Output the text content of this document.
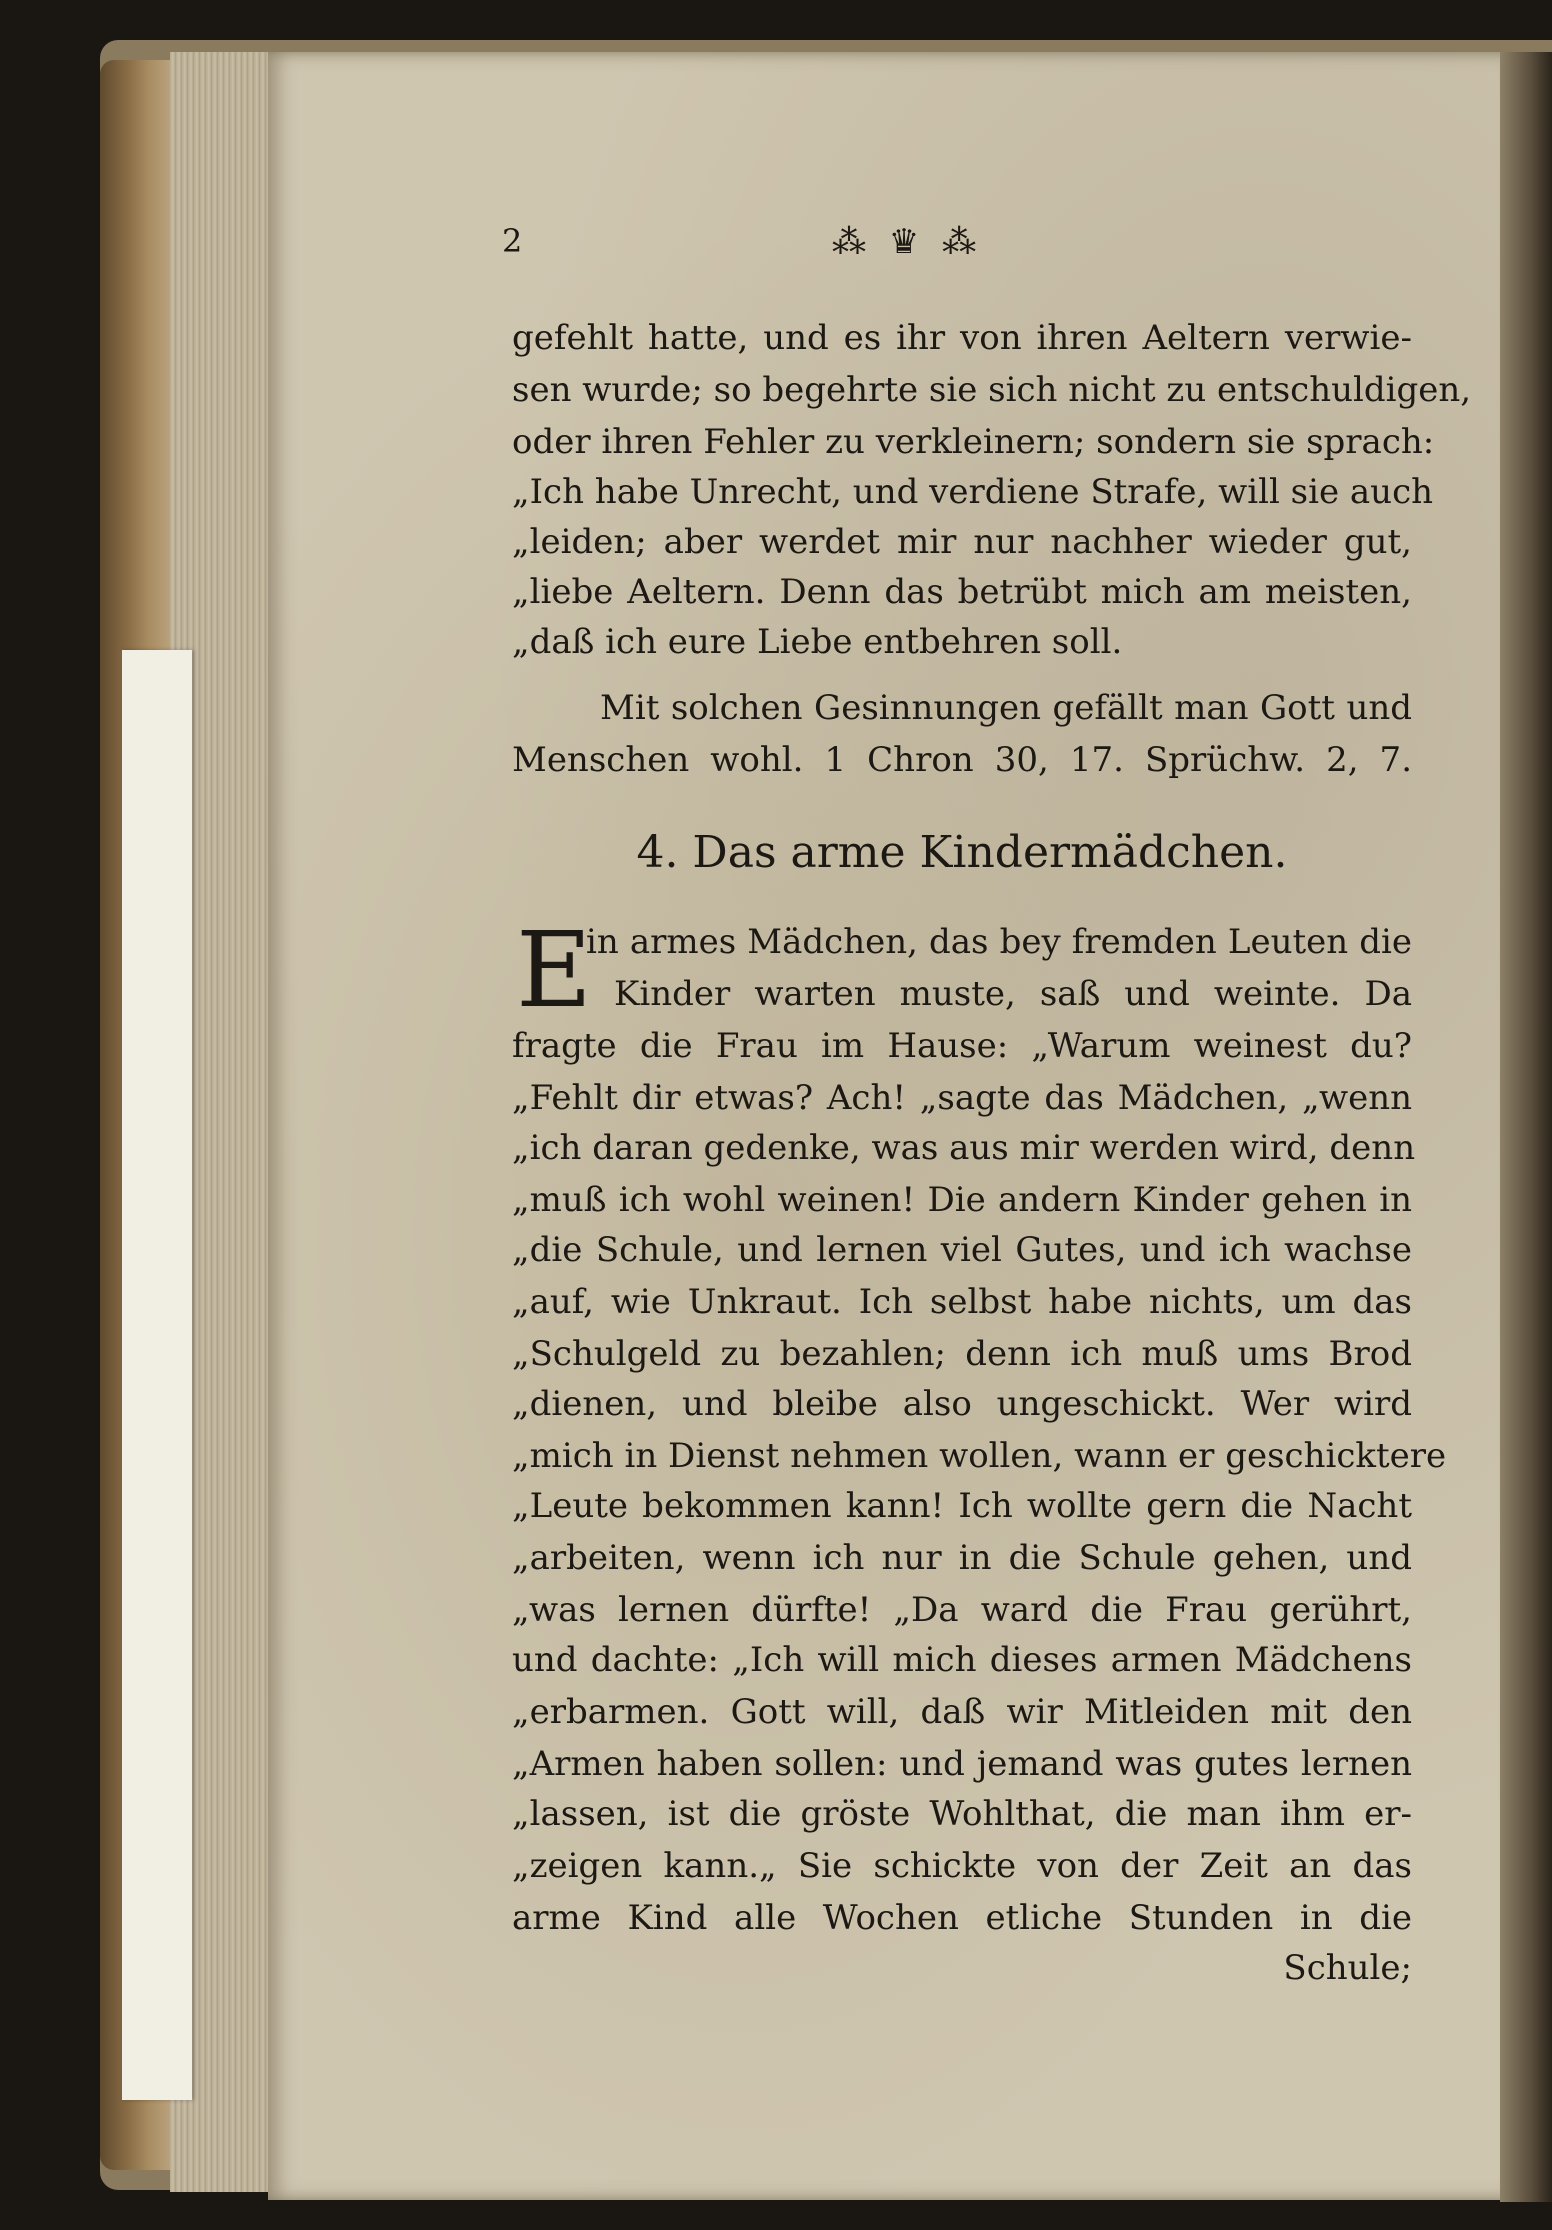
2	⁂ ♛ ⁂
gefehlt hatte, und es ihr von ihren Aeltern verwie-
sen wurde; so begehrte sie sich nicht zu entschuldigen,
oder ihren Fehler zu verkleinern; sondern sie sprach:
„Ich habe Unrecht, und verdiene Strafe, will sie auch
„leiden; aber werdet mir nur nachher wieder gut,
„liebe Aeltern. Denn das betrübt mich am meisten,
„daß ich eure Liebe entbehren soll.
Mit solchen Gesinnungen gefällt man Gott und
Menschen wohl. 1 Chron 30, 17. Sprüchw. 2, 7.
4. Das arme Kindermädchen.
E
in armes Mädchen, das bey fremden Leuten die
Kinder warten muste, saß und weinte. Da
fragte die Frau im Hause: „Warum weinest du?
„Fehlt dir etwas? Ach! „sagte das Mädchen, „wenn
„ich daran gedenke, was aus mir werden wird, denn
„muß ich wohl weinen! Die andern Kinder gehen in
„die Schule, und lernen viel Gutes, und ich wachse
„auf, wie Unkraut. Ich selbst habe nichts, um das
„Schulgeld zu bezahlen; denn ich muß ums Brod
„dienen, und bleibe also ungeschickt. Wer wird
„mich in Dienst nehmen wollen, wann er geschicktere
„Leute bekommen kann! Ich wollte gern die Nacht
„arbeiten, wenn ich nur in die Schule gehen, und
„was lernen dürfte! „Da ward die Frau gerührt,
und dachte: „Ich will mich dieses armen Mädchens
„erbarmen. Gott will, daß wir Mitleiden mit den
„Armen haben sollen: und jemand was gutes lernen
„lassen, ist die gröste Wohlthat, die man ihm er-
„zeigen kann.„ Sie schickte von der Zeit an das
arme Kind alle Wochen etliche Stunden in die
Schule;
